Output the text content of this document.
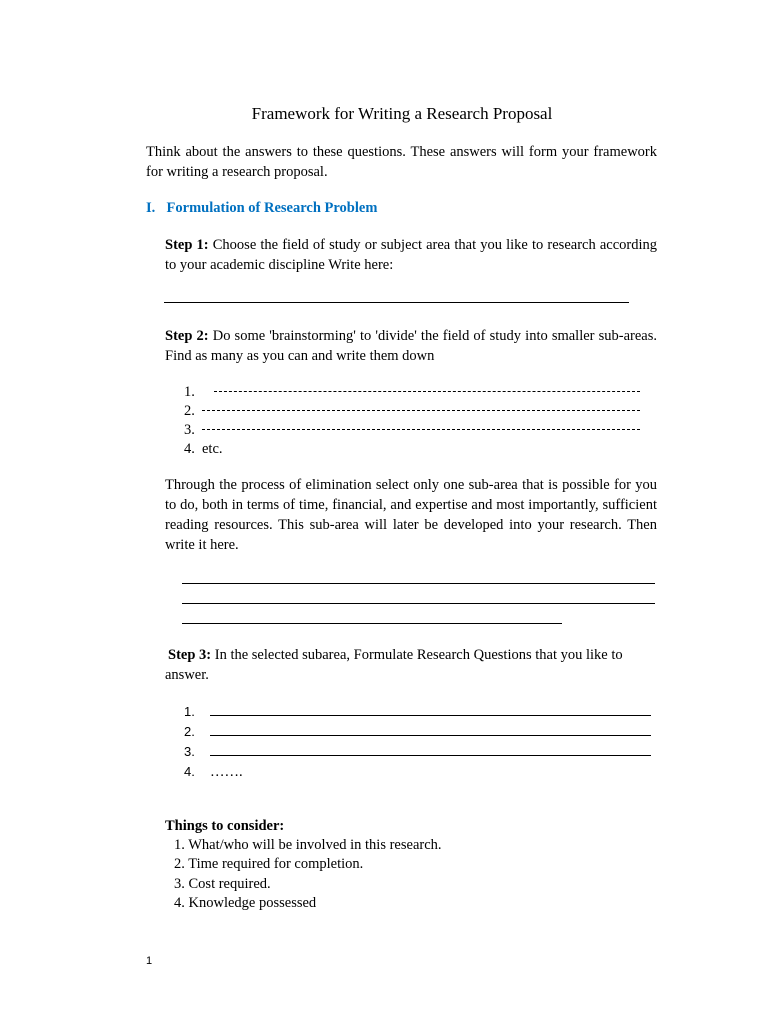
Framework for Writing a Research Proposal
Think about the answers to these questions. These answers will form your framework for writing a research proposal.
I. Formulation of Research Problem
Step 1: Choose the field of study or subject area that you like to research according to your academic discipline Write here:
Step 2: Do some 'brainstorming' to 'divide' the field of study into smaller sub-areas. Find as many as you can and write them down
1.
2.
3.
4. etc.
Through the process of elimination select only one sub-area that is possible for you to do, both in terms of time, financial, and expertise and most importantly, sufficient reading resources. This sub-area will later be developed into your research. Then write it here.
Step 3: In the selected subarea, Formulate Research Questions that you like to answer.
1.
2.
3.
4. …….
Things to consider:
1. What/who will be involved in this research.
2. Time required for completion.
3. Cost required.
4. Knowledge possessed
1
